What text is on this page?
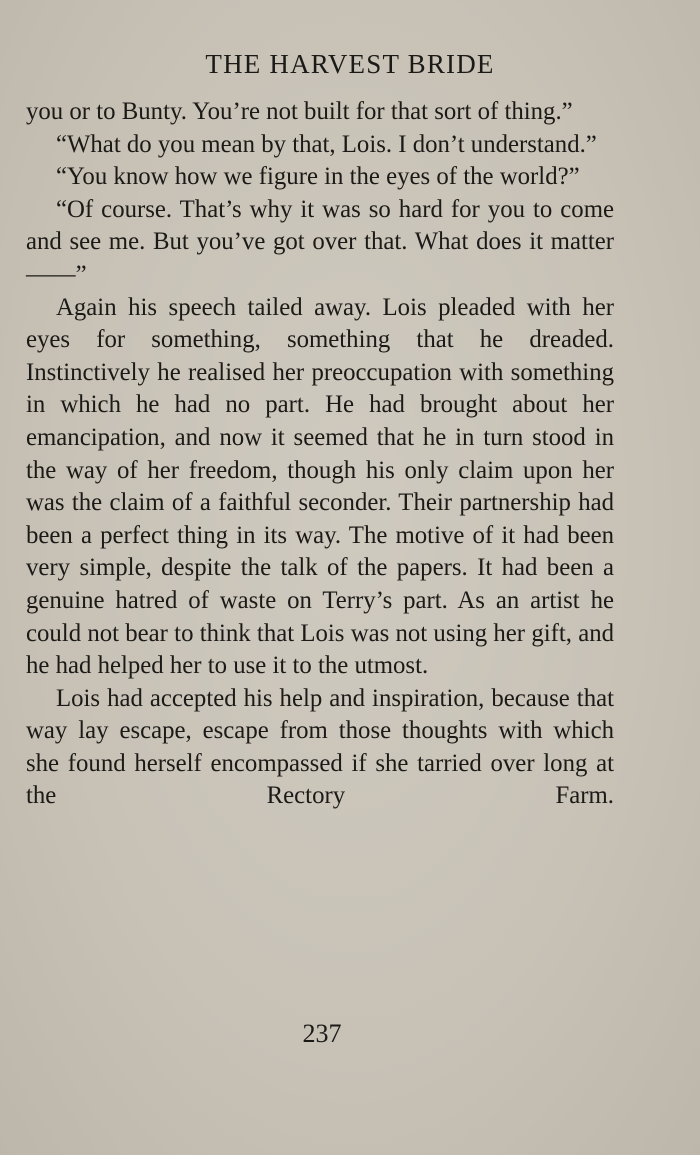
THE HARVEST BRIDE

you or to Bunty. You’re not built for that sort of thing.”

“What do you mean by that, Lois. I don’t understand.”

“You know how we figure in the eyes of the world?”

“Of course. That’s why it was so hard for you to come and see me. But you’ve got over that. What does it matter——”

Again his speech tailed away. Lois pleaded with her eyes for something, something that he dreaded. Instinctively he realised her preoccupation with something in which he had no part. He had brought about her emancipation, and now it seemed that he in turn stood in the way of her freedom, though his only claim upon her was the claim of a faithful seconder. Their partnership had been a perfect thing in its way. The motive of it had been very simple, despite the talk of the papers. It had been a genuine hatred of waste on Terry’s part. As an artist he could not bear to think that Lois was not using her gift, and he had helped her to use it to the utmost.

Lois had accepted his help and inspiration, because that way lay escape, escape from those thoughts with which she found herself encompassed if she tarried over long at the Rectory Farm.

237
